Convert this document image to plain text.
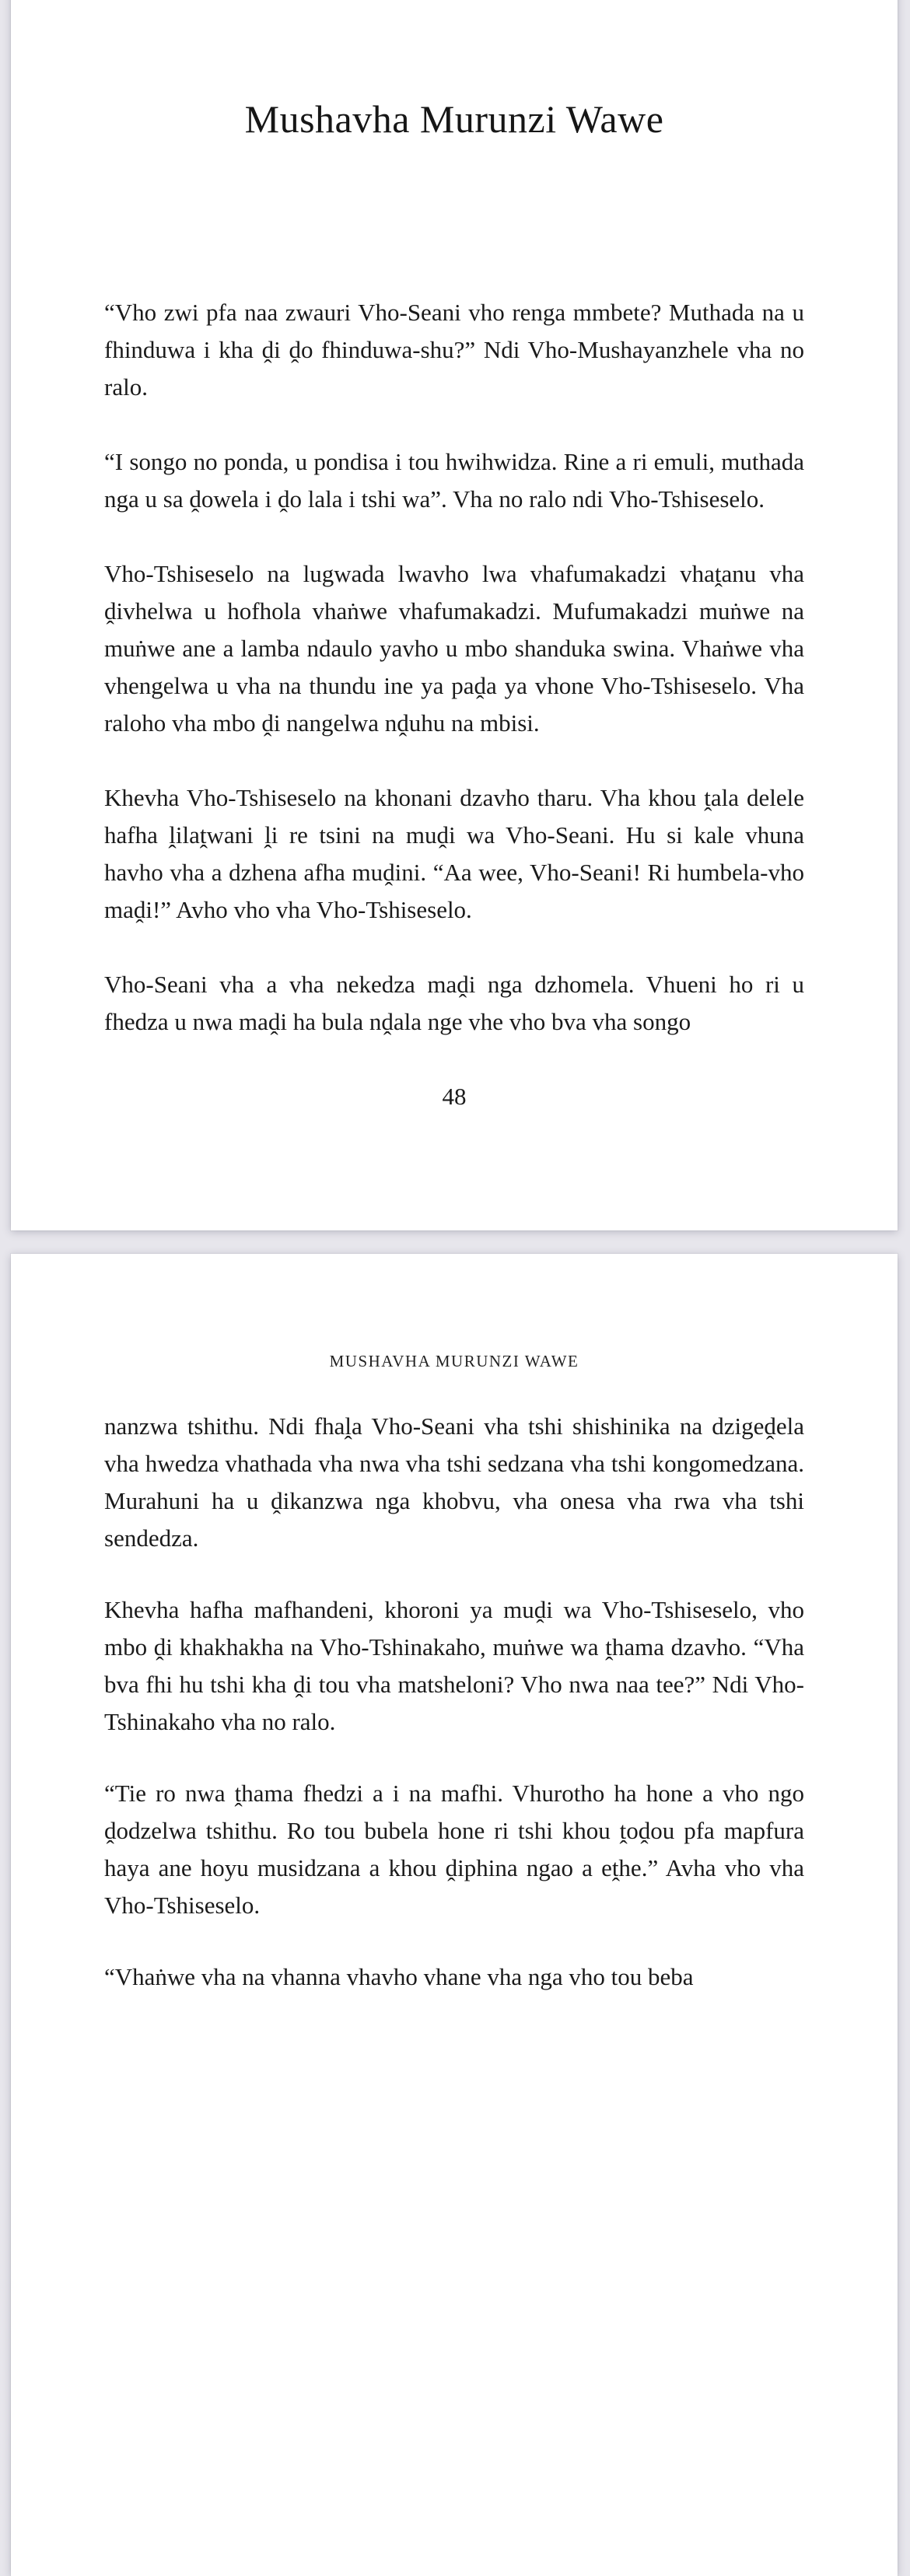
Mushavha Murunzi Wawe

“Vho zwi pfa naa zwauri Vho-Seani vho renga mmbete? Muthada na u fhinduwa i kha ḓi ḓo fhinduwa-shu?” Ndi Vho-Mushayanzhele vha no ralo.

“I songo no ponda, u pondisa i tou hwihwidza. Rine a ri emuli, muthada nga u sa ḓowela i ḓo lala i tshi wa”. Vha no ralo ndi Vho-Tshiseselo.

Vho-Tshiseselo na lugwada lwavho lwa vhafumakadzi vhaṱanu vha ḓivhelwa u hofhola vhaṅwe vhafumakadzi. Mufumakadzi muṅwe na muṅwe ane a lamba ndaulo yavho u mbo shanduka swina. Vhaṅwe vha vhengelwa u vha na thundu ine ya paḓa ya vhone Vho-Tshiseselo. Vha raloho vha mbo ḓi nangelwa nḓuhu na mbisi.

Khevha Vho-Tshiseselo na khonani dzavho tharu. Vha khou ṱala delele hafha ḽilaṱwani ḽi re tsini na muḓi wa Vho-Seani. Hu si kale vhuna havho vha a dzhena afha muḓini. “Aa wee, Vho-Seani! Ri humbela-vho maḓi!” Avho vho vha Vho-Tshiseselo.

Vho-Seani vha a vha nekedza maḓi nga dzhomela. Vhueni ho ri u fhedza u nwa maḓi ha bula nḓala nge vhe vho bva vha songo

48
MUSHAVHA MURUNZI WAWE

nanzwa tshithu. Ndi fhaḽa Vho-Seani vha tshi shishinika na dzigeḓela vha hwedza vhathada vha nwa vha tshi sedzana vha tshi kongomedzana. Murahuni ha u ḓikanzwa nga khobvu, vha onesa vha rwa vha tshi sendedza.

Khevha hafha mafhandeni, khoroni ya muḓi wa Vho-Tshiseselo, vho mbo ḓi khakhakha na Vho-Tshinakaho, muṅwe wa ṱhama dzavho. “Vha bva fhi hu tshi kha ḓi tou vha matsheloni? Vho nwa naa tee?” Ndi Vho-Tshinakaho vha no ralo.

“Tie ro nwa ṱhama fhedzi a i na mafhi. Vhurotho ha hone a vho ngo ḓodzelwa tshithu. Ro tou bubela hone ri tshi khou ṱoḓou pfa mapfura haya ane hoyu musidzana a khou ḓiphina ngao a eṱhe.” Avha vho vha Vho-Tshiseselo.

“Vhaṅwe vha na vhanna vhavho vhane vha nga vho tou beba
